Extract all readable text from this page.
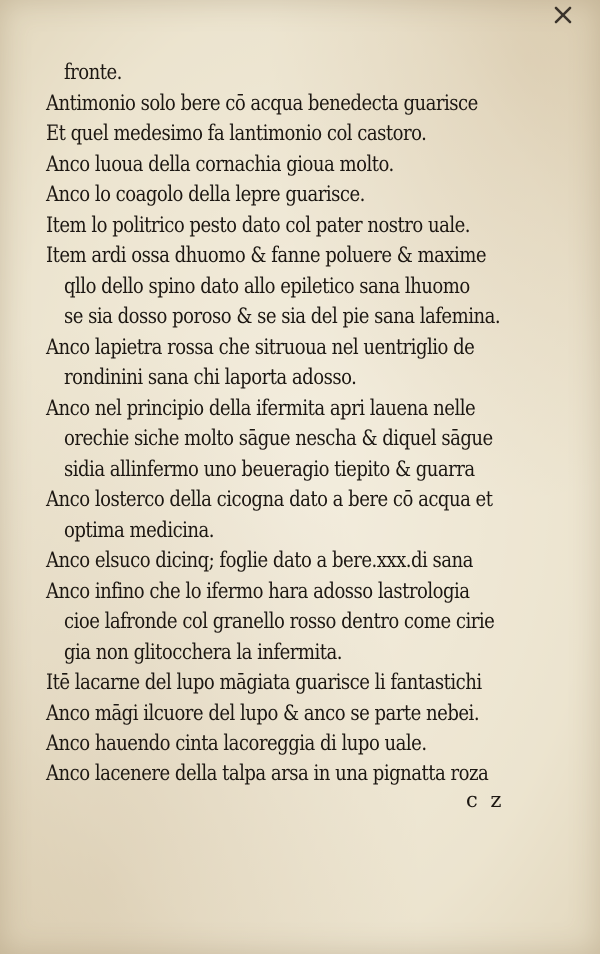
fronte.
Antimonio solo bere cō acqua benedecta guarisce
Et quel medesimo fa lantimonio col castoro.
Anco luoua della cornachia gioua molto.
Anco lo coagolo della lepre guarisce.
Item lo politrico pesto dato col pater nostro uale.
Item ardi ossa dhuomo & fanne poluere & maxime
qllo dello spino dato allo epiletico sana lhuomo
se sia dosso poroso & se sia del pie sana lafemina.
Anco lapietra rossa che sitruoua nel uentriglio de
rondinini sana chi laporta adosso.
Anco nel principio della ifermita apri lauena nelle
orechie siche molto sāgue nescha & diquel sāgue
sidia allinfermo uno beueragio tiepito & guarra
Anco losterco della cicogna dato a bere cō acqua et
optima medicina.
Anco elsuco dicinq; foglie dato a bere.xxx.di sana
Anco infino che lo ifermo hara adosso lastrologia
cioe lafronde col granello rosso dentro come cirie
gia non glitocchera la infermita.
Itē lacarne del lupo māgiata guarisce li fantastichi
Anco māgi ilcuore del lupo & anco se parte nebei.
Anco hauendo cinta lacoreggia di lupo uale.
Anco lacenere della talpa arsa in una pignatta roza
c z
